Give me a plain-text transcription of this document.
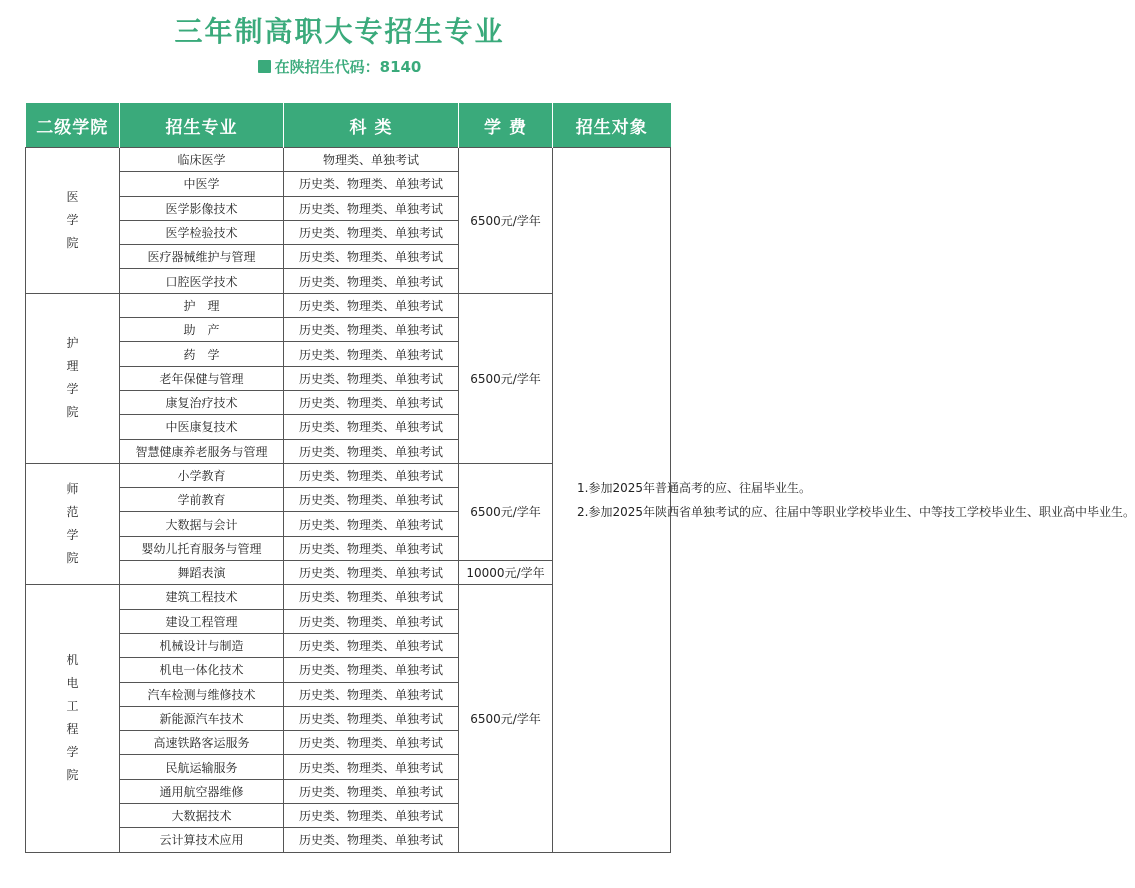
三年制高职大专招生专业
在陕招生代码：8140
二级学院	招生专业	科 类	学 费	招生对象
医学院	临床医学	物理类、单独考试	6500元/学年	1.参加2025年普通高考的应、往届毕业生。
2.参加2025年陕西省单独考试的应、往届中等职业学校毕业生、中等技工学校毕业生、职业高中毕业生。

	中医学	历史类、物理类、单独考试		
	医学影像技术	历史类、物理类、单独考试		
	医学检验技术	历史类、物理类、单独考试		
	医疗器械维护与管理	历史类、物理类、单独考试		
	口腔医学技术	历史类、物理类、单独考试		
护理学院	护　理	历史类、物理类、单独考试	6500元/学年	
	助　产	历史类、物理类、单独考试		
	药　学	历史类、物理类、单独考试		
	老年保健与管理	历史类、物理类、单独考试		
	康复治疗技术	历史类、物理类、单独考试		
	中医康复技术	历史类、物理类、单独考试		
	智慧健康养老服务与管理	历史类、物理类、单独考试		
师范学院	小学教育	历史类、物理类、单独考试	6500元/学年	
	学前教育	历史类、物理类、单独考试		
	大数据与会计	历史类、物理类、单独考试		
	婴幼儿托育服务与管理	历史类、物理类、单独考试		
	舞蹈表演	历史类、物理类、单独考试	10000元/学年	
机电工程学院	建筑工程技术	历史类、物理类、单独考试	6500元/学年	
	建设工程管理	历史类、物理类、单独考试		
	机械设计与制造	历史类、物理类、单独考试		
	机电一体化技术	历史类、物理类、单独考试		
	汽车检测与维修技术	历史类、物理类、单独考试		
	新能源汽车技术	历史类、物理类、单独考试		
	高速铁路客运服务	历史类、物理类、单独考试		
	民航运输服务	历史类、物理类、单独考试		
	通用航空器维修	历史类、物理类、单独考试		
	大数据技术	历史类、物理类、单独考试		
	云计算技术应用	历史类、物理类、单独考试		
